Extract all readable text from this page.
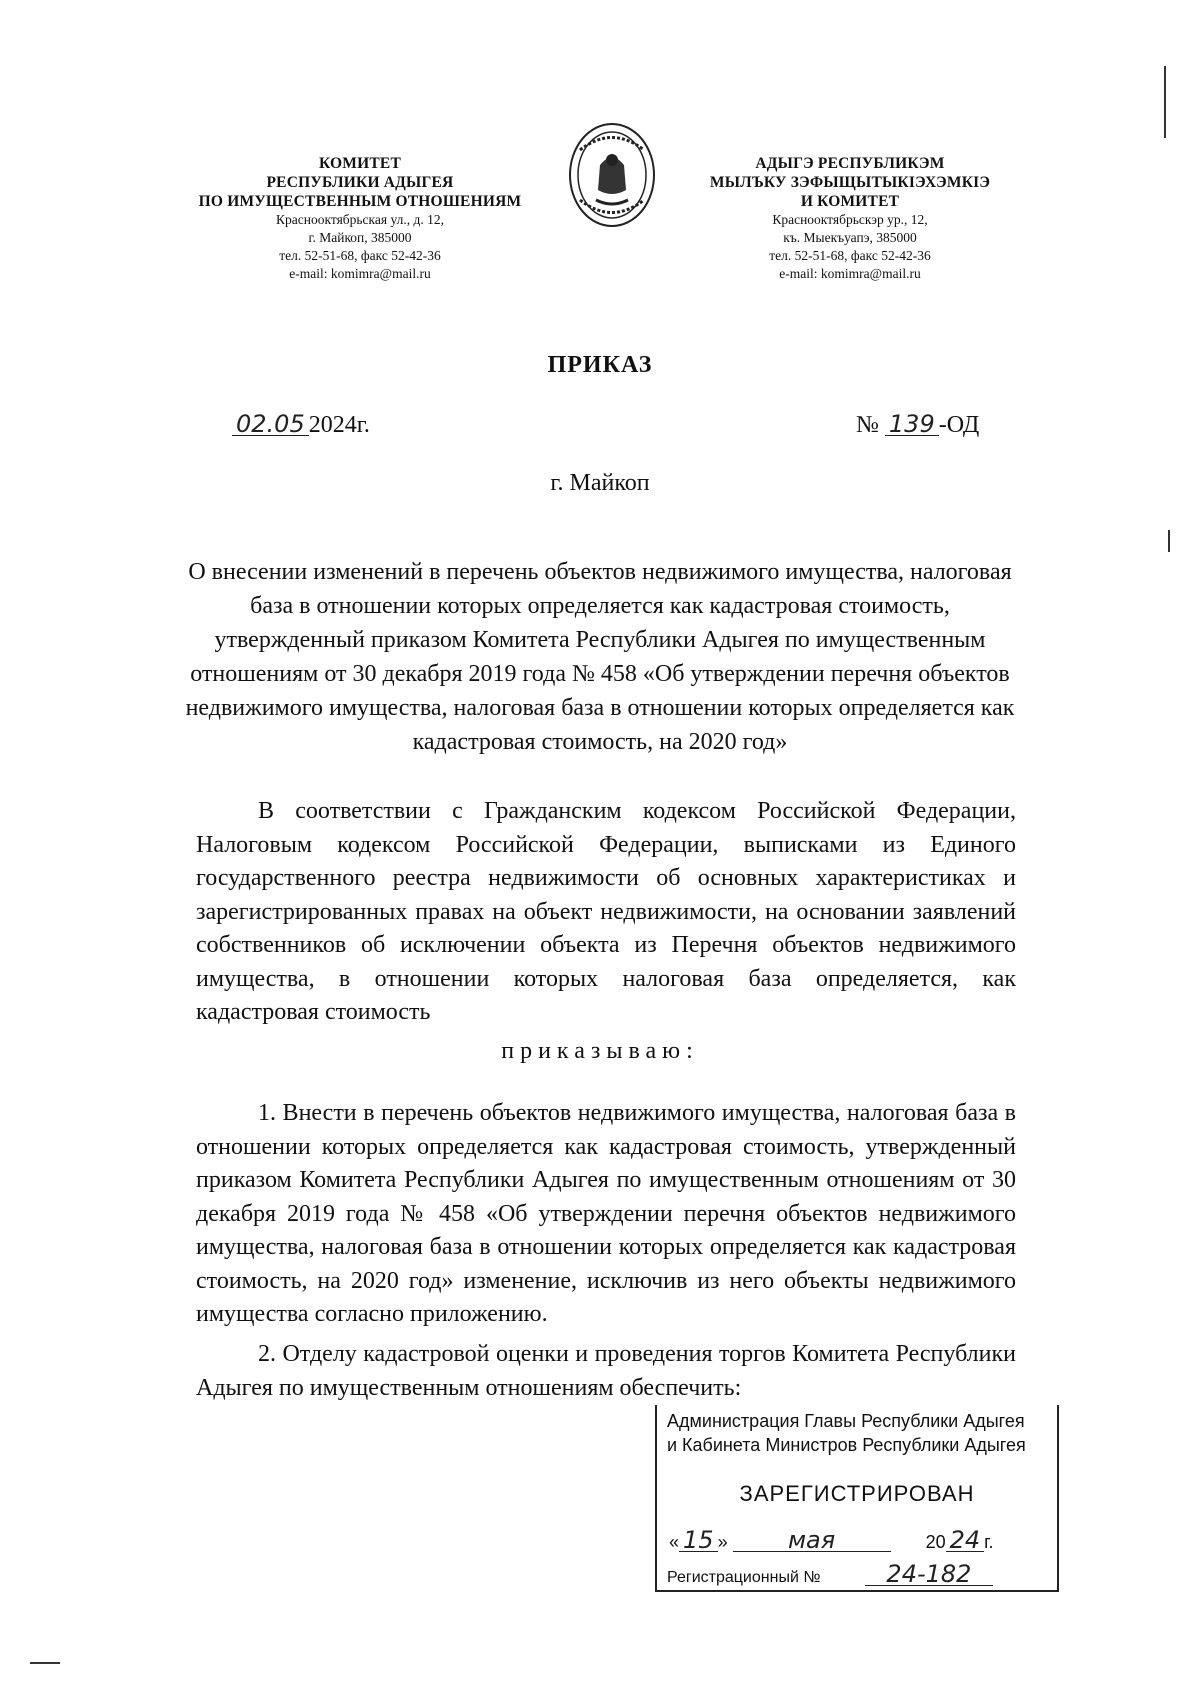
КОМИТЕТ
РЕСПУБЛИКИ АДЫГЕЯ
ПО ИМУЩЕСТВЕННЫМ ОТНОШЕНИЯМ
Краснооктябрьская ул., д. 12,
г. Майкоп, 385000
тел. 52-51-68, факс 52-42-36
e-mail: komimra@mail.ru
АДЫГЭ РЕСПУБЛИКЭМ
МЫЛЪКУ ЗЭФЫЩЫТЫКIЭХЭМКIЭ
И КОМИТЕТ
Краснооктябрьскэр ур., 12,
къ. Мыекъуапэ, 385000
тел. 52-51-68, факс 52-42-36
e-mail: komimra@mail.ru
ПРИКАЗ
02.05 2024г.	№ 139 -ОД
г. Майкоп
О внесении изменений в перечень объектов недвижимого имущества, налоговая база в отношении которых определяется как кадастровая стоимость, утвержденный приказом Комитета Республики Адыгея по имущественным отношениям от 30 декабря 2019 года № 458 «Об утверждении перечня объектов недвижимого имущества, налоговая база в отношении которых определяется как кадастровая стоимость, на 2020 год»
В соответствии с Гражданским кодексом Российской Федерации, Налоговым кодексом Российской Федерации, выписками из Единого государственного реестра недвижимости об основных характеристиках и зарегистрированных правах на объект недвижимости, на основании заявлений собственников об исключении объекта из Перечня объектов недвижимого имущества, в отношении которых налоговая база определяется, как кадастровая стоимость
приказываю:
1. Внести в перечень объектов недвижимого имущества, налоговая база в отношении которых определяется как кадастровая стоимость, утвержденный приказом Комитета Республики Адыгея по имущественным отношениям от 30 декабря 2019 года № 458 «Об утверждении перечня объектов недвижимого имущества, налоговая база в отношении которых определяется как кадастровая стоимость, на 2020 год» изменение, исключив из него объекты недвижимого имущества согласно приложению.
2. Отделу кадастровой оценки и проведения торгов Комитета Республики Адыгея по имущественным отношениям обеспечить:
Администрация Главы Республики Адыгея
и Кабинета Министров Республики Адыгея
ЗАРЕГИСТРИРОВАН
« 15 » мая	20 24 г.
Регистрационный №	24-182
